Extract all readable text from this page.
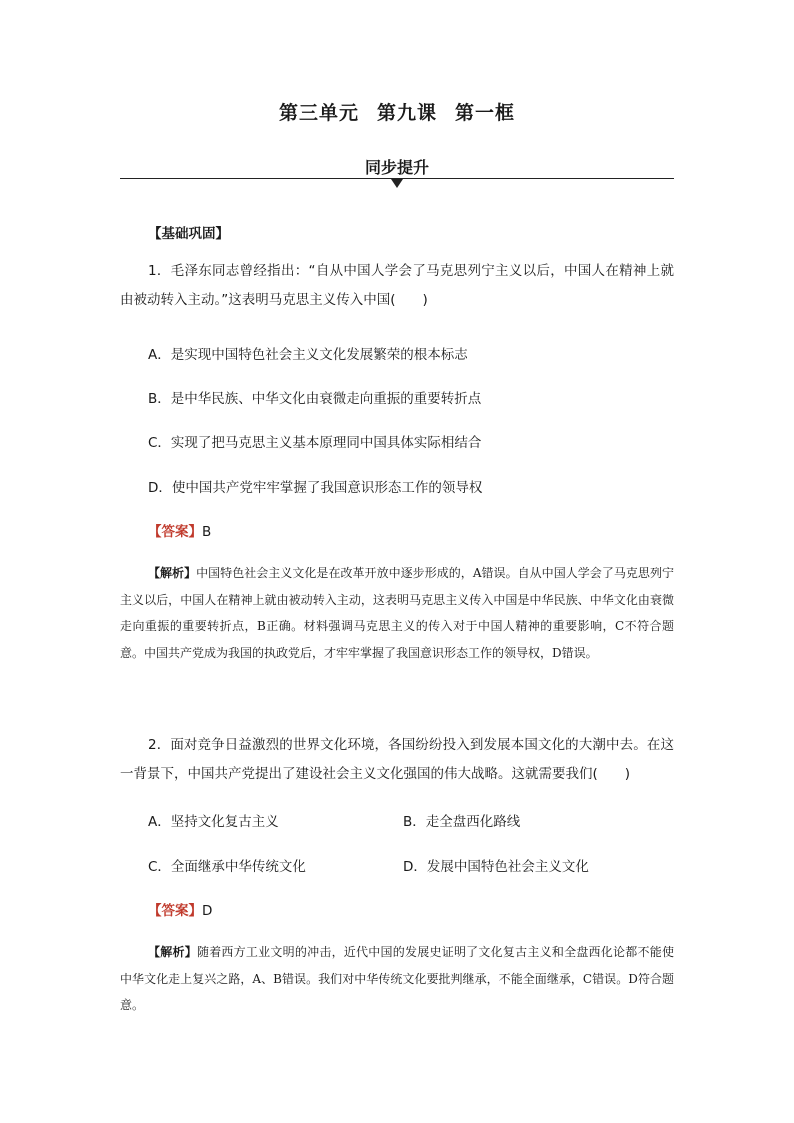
第三单元 第九课 第一框
同步提升
【基础巩固】
1．毛泽东同志曾经指出：“自从中国人学会了马克思列宁主义以后，中国人在精神上就由被动转入主动。”这表明马克思主义传入中国(　　)
A．是实现中国特色社会主义文化发展繁荣的根本标志
B．是中华民族、中华文化由衰微走向重振的重要转折点
C．实现了把马克思主义基本原理同中国具体实际相结合
D．使中国共产党牢牢掌握了我国意识形态工作的领导权
【答案】B
【解析】中国特色社会主义文化是在改革开放中逐步形成的，A错误。自从中国人学会了马克思列宁主义以后，中国人在精神上就由被动转入主动，这表明马克思主义传入中国是中华民族、中华文化由衰微走向重振的重要转折点，B正确。材料强调马克思主义的传入对于中国人精神的重要影响，C不符合题意。中国共产党成为我国的执政党后，才牢牢掌握了我国意识形态工作的领导权，D错误。
2．面对竞争日益激烈的世界文化环境，各国纷纷投入到发展本国文化的大潮中去。在这一背景下，中国共产党提出了建设社会主义文化强国的伟大战略。这就需要我们(　　)
A．坚持文化复古主义	B．走全盘西化路线
C．全面继承中华传统文化	D．发展中国特色社会主义文化
【答案】D
【解析】随着西方工业文明的冲击，近代中国的发展史证明了文化复古主义和全盘西化论都不能使中华文化走上复兴之路，A、B错误。我们对中华传统文化要批判继承，不能全面继承，C错误。D符合题意。
